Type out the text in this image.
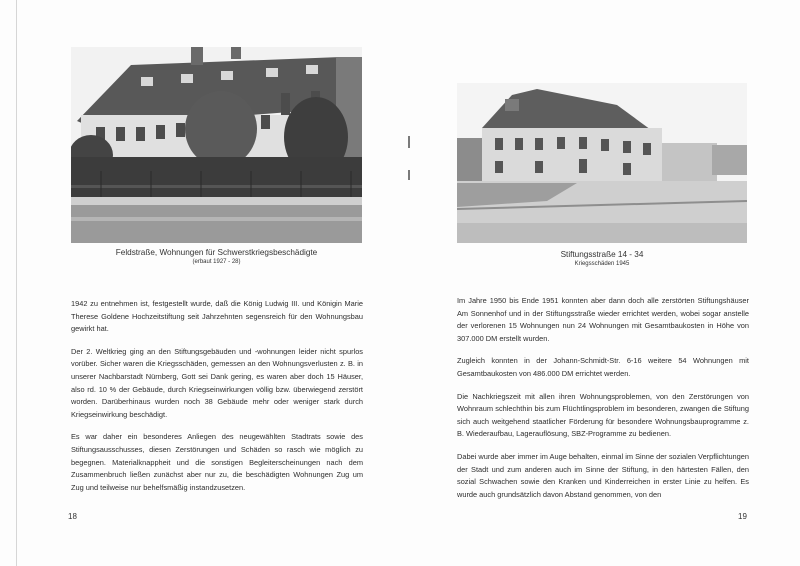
Feldstraße, Wohnungen für Schwerstkriegsbeschädigte
(erbaut 1927 - 28)

1942 zu entnehmen ist, festgestellt wurde, daß die König Ludwig III. und Königin Marie Therese Goldene Hochzeitstiftung seit Jahrzehnten segensreich für den Wohnungsbau gewirkt hat.

Der 2. Weltkrieg ging an den Stiftungsgebäuden und -wohnungen leider nicht spurlos vorüber. Sicher waren die Kriegsschäden, gemessen an den Wohnungsverlusten z. B. in unserer Nachbarstadt Nürnberg, Gott sei Dank gering, es waren aber doch 15 Häuser, also rd. 10 % der Gebäude, durch Kriegseinwirkungen völlig bzw. überwiegend zerstört worden. Darüberhinaus wurden noch 38 Gebäude mehr oder weniger stark durch Kriegseinwirkung beschädigt.

Es war daher ein besonderes Anliegen des neugewählten Stadtrats sowie des Stiftungsausschusses, diesen Zerstörungen und Schäden so rasch wie möglich zu begegnen. Materialknappheit und die sonstigen Begleiterscheinungen nach dem Zusammenbruch ließen zunächst aber nur zu, die beschädigten Wohnungen Zug um Zug und teilweise nur behelfsmäßig instandzusetzen.

18
Stiftungsstraße 14 - 34
Kriegsschäden 1945

Im Jahre 1950 bis Ende 1951 konnten aber dann doch alle zerstörten Stiftungshäuser Am Sonnenhof und in der Stiftungsstraße wieder errichtet werden, wobei sogar anstelle der verlorenen 15 Wohnungen nun 24 Wohnungen mit Gesamtbaukosten in Höhe von 307.000 DM erstellt wurden.

Zugleich konnten in der Johann-Schmidt-Str. 6-16 weitere 54 Wohnungen mit Gesamtbaukosten von 486.000 DM errichtet werden.

Die Nachkriegszeit mit allen ihren Wohnungsproblemen, von den Zerstörungen von Wohnraum schlechthin bis zum Flüchtlingsproblem im besonderen, zwangen die Stiftung sich auch weitgehend staatlicher Förderung für besondere Wohnungsbauprogramme z. B. Wiederaufbau, Lagerauflösung, SBZ-Programme zu bedienen.

Dabei wurde aber immer im Auge behalten, einmal im Sinne der sozialen Verpflichtungen der Stadt und zum anderen auch im Sinne der Stiftung, in den härtesten Fällen, den sozial Schwachen sowie den Kranken und Kinderreichen in erster Linie zu helfen. Es wurde auch grundsätzlich davon Abstand genommen, von den

19
